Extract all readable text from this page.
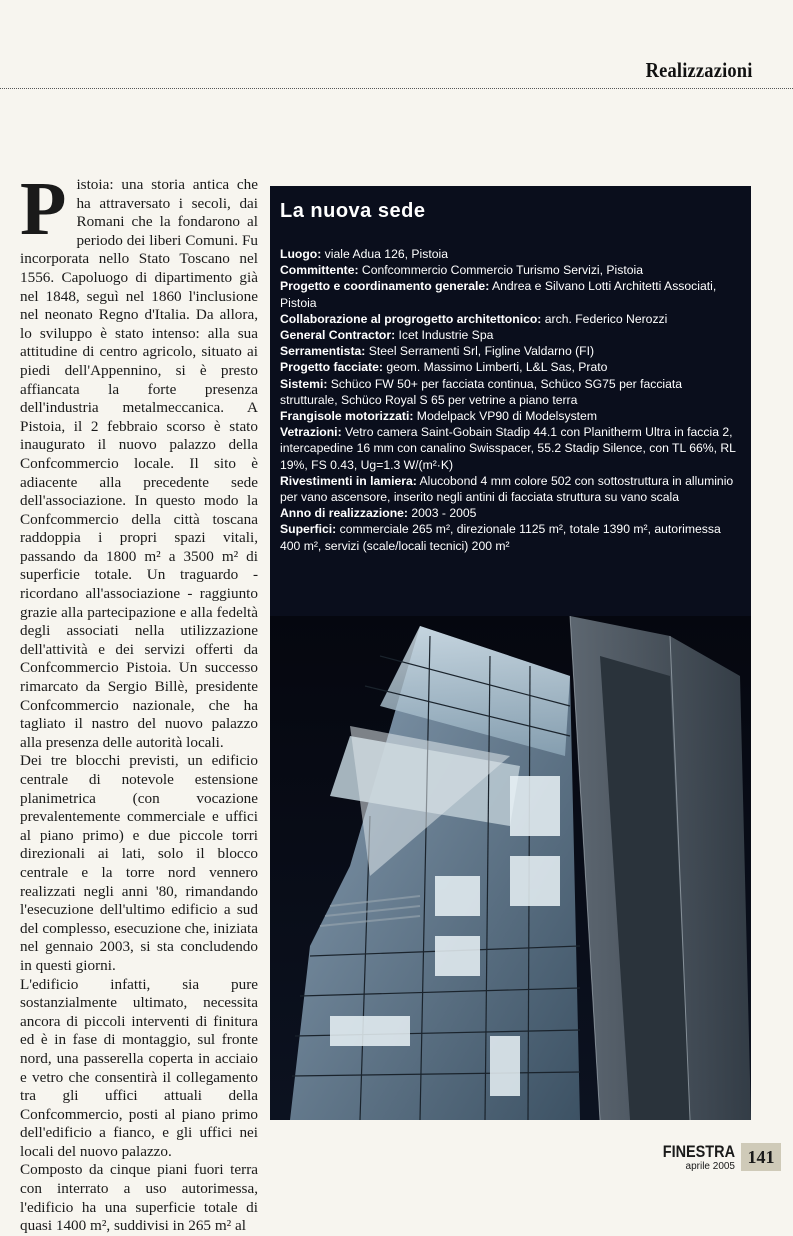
Realizzazioni

Pistoia: una storia antica che ha attraversato i secoli, dai Romani che la fondarono al periodo dei liberi Comuni. Fu incorporata nello Stato Toscano nel 1556. Capoluogo di dipartimento già nel 1848, seguì nel 1860 l'inclusione nel neonato Regno d'Italia. Da allora, lo sviluppo è stato intenso: alla sua attitudine di centro agricolo, situato ai piedi dell'Appennino, si è presto affiancata la forte presenza dell'industria metalmeccanica. A Pistoia, il 2 febbraio scorso è stato inaugurato il nuovo palazzo della Confcommercio locale. Il sito è adiacente alla precedente sede dell'associazione. In questo modo la Confcommercio della città toscana raddoppia i propri spazi vitali, passando da 1800 m² a 3500 m² di superficie totale. Un traguardo - ricordano all'associazione - raggiunto grazie alla partecipazione e alla fedeltà degli associati nella utilizzazione dell'attività e dei servizi offerti da Confcommercio Pistoia. Un successo rimarcato da Sergio Billè, presidente Confcommercio nazionale, che ha tagliato il nastro del nuovo palazzo alla presenza delle autorità locali.

Dei tre blocchi previsti, un edificio centrale di notevole estensione planimetrica (con vocazione prevalentemente commerciale e uffici al piano primo) e due piccole torri direzionali ai lati, solo il blocco centrale e la torre nord vennero realizzati negli anni '80, rimandando l'esecuzione dell'ultimo edificio a sud del complesso, esecuzione che, iniziata nel gennaio 2003, si sta concludendo in questi giorni.

L'edificio infatti, sia pure sostanzialmente ultimato, necessita ancora di piccoli interventi di finitura ed è in fase di montaggio, sul fronte nord, una passerella coperta in acciaio e vetro che consentirà il collegamento tra gli uffici attuali della Confcommercio, posti al piano primo dell'edificio a fianco, e gli uffici nei locali del nuovo palazzo.

Composto da cinque piani fuori terra con interrato a uso autorimessa, l'edificio ha una superficie totale di quasi 1400 m², suddivisi in 265 m² al

La nuova sede
Luogo: viale Adua 126, Pistoia
Committente: Confcommercio Commercio Turismo Servizi, Pistoia
Progetto e coordinamento generale: Andrea e Silvano Lotti Architetti Associati, Pistoia
Collaborazione al progrogetto architettonico: arch. Federico Nerozzi
General Contractor: Icet Industrie Spa
Serramentista: Steel Serramenti Srl, Figline Valdarno (FI)
Progetto facciate: geom. Massimo Limberti, L&L Sas, Prato
Sistemi: Schüco FW 50+ per facciata continua, Schüco SG75 per facciata strutturale, Schüco Royal S 65 per vetrine a piano terra
Frangisole motorizzati: Modelpack VP90 di Modelsystem
Vetrazioni: Vetro camera Saint-Gobain Stadip 44.1 con Planitherm Ultra in faccia 2, intercapedine 16 mm con canalino Swisspacer, 55.2 Stadip Silence, con TL 66%, RL 19%, FS 0.43, Ug=1.3 W/(m²·K)
Rivestimenti in lamiera: Alucobond 4 mm colore 502 con sottostruttura in alluminio per vano ascensore, inserito negli antini di facciata struttura su vano scala
Anno di realizzazione: 2003 - 2005
Superfici: commerciale 265 m², direzionale 1125 m², totale 1390 m², autorimessa 400 m², servizi (scale/locali tecnici) 200 m²
FINESTRA
aprile 2005 141
